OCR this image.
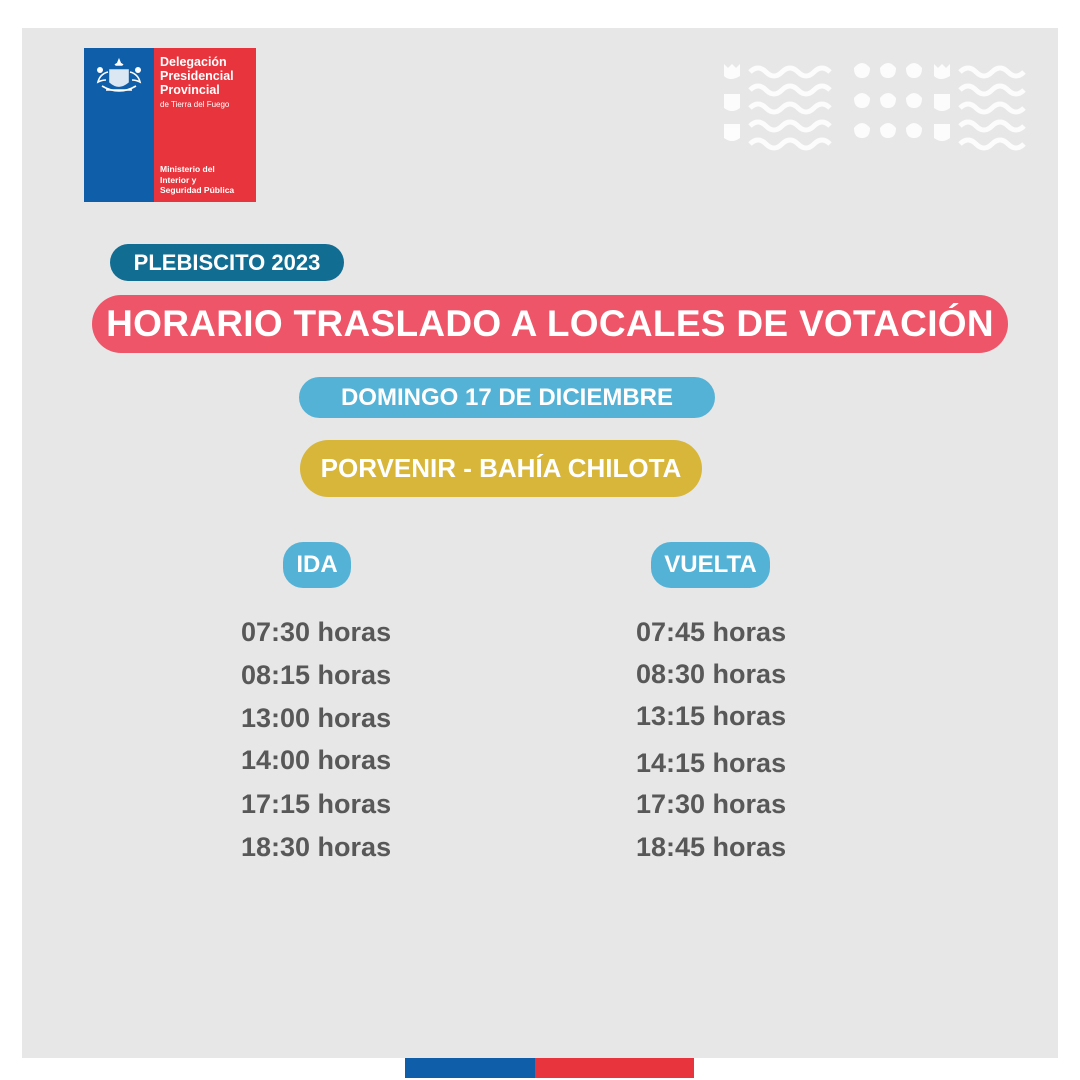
Delegación
Presidencial
Provincial
de Tierra del Fuego
Ministerio del
Interior y
Seguridad Pública
PLEBISCITO 2023
HORARIO TRASLADO A LOCALES DE VOTACIÓN
DOMINGO 17 DE DICIEMBRE
PORVENIR - BAHÍA CHILOTA
IDA	VUELTA
07:30 horas
08:15 horas
13:00 horas
14:00 horas
17:15 horas
18:30 horas
07:45 horas
08:30 horas
13:15 horas
14:15 horas
17:30 horas
18:45 horas
